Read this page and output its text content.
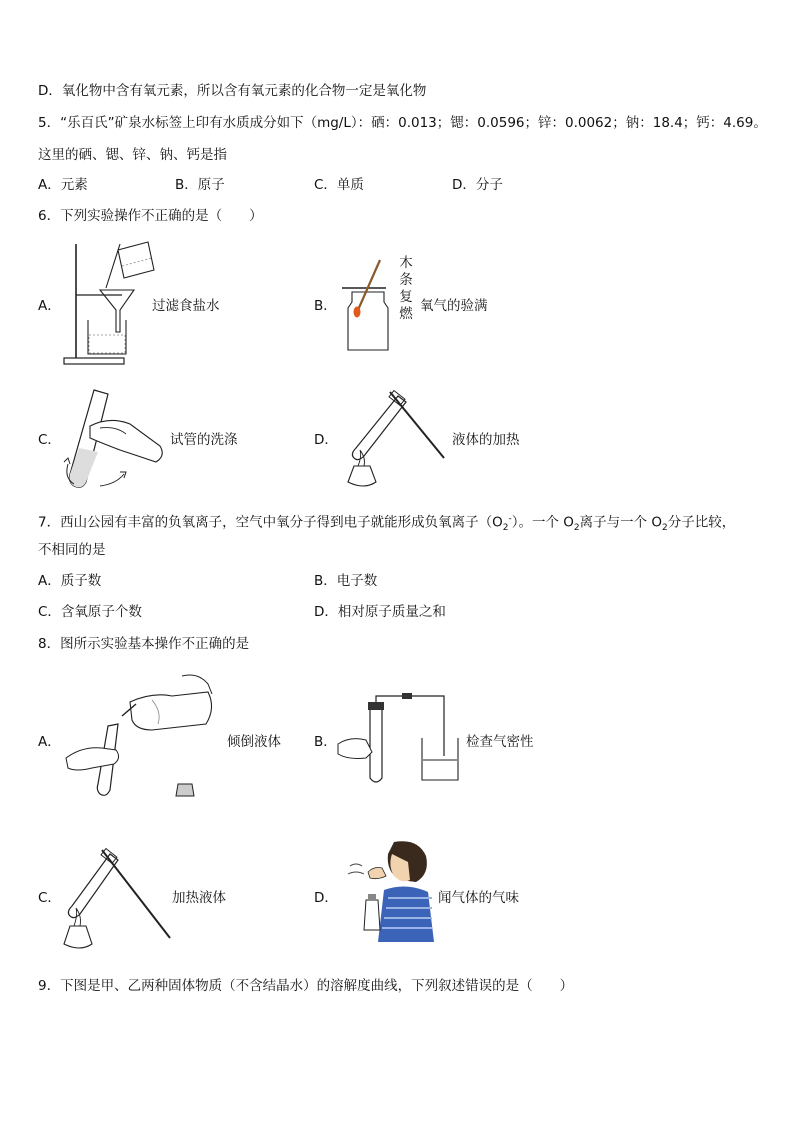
D．氧化物中含有氧元素，所以含有氧元素的化合物一定是氧化物
5．“乐百氏”矿泉水标签上印有水质成分如下（mg/L）：硒：0.013；锶：0.0596；锌：0.0062；钠：18.4；钙：4.69。
这里的硒、锶、锌、钠、钙是指
A．元素	B．原子	C．单质	D．分子
6．下列实验操作不正确的是（　　）
A．	过滤食盐水	B．
木
条
复
燃 氧气的验满
C．	试管的洗涤	D．	液体的加热
7．西山公园有丰富的负氧离子，空气中氧分子得到电子就能形成负氧离子$(O_2^-)$。一个 $O_2$离子与一个 $O_2$分子比较，
不相同的是
A．质子数	B．电子数
C．含氧原子个数	D．相对原子质量之和
8．图所示实验基本操作不正确的是
A．	倾倒液体 B．	检查气密性
C．	加热液体	D．	闻气体的气味
9．下图是甲、乙两种固体物质（不含结晶水）的溶解度曲线，下列叙述错误的是（　　）
